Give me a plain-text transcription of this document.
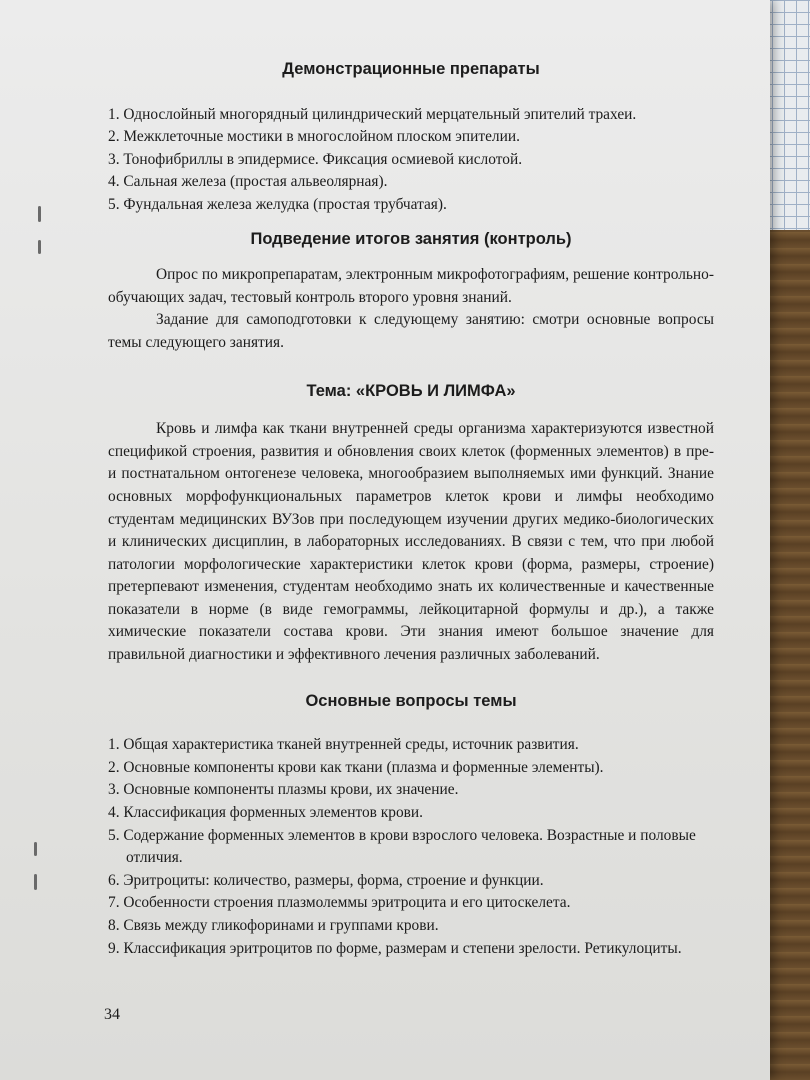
Демонстрационные препараты
1. Однослойный многорядный цилиндрический мерцательный эпителий трахеи.
2. Межклеточные мостики в многослойном плоском эпителии.
3. Тонофибриллы в эпидермисе. Фиксация осмиевой кислотой.
4. Сальная железа (простая альвеолярная).
5. Фундальная железа желудка (простая трубчатая).
Подведение итогов занятия (контроль)

Опрос по микропрепаратам, электронным микрофотографиям, решение контрольно-обучающих задач, тестовый контроль второго уровня знаний.

Задание для самоподготовки к следующему занятию: смотри основные вопросы темы следующего занятия.

Тема: «КРОВЬ И ЛИМФА»

Кровь и лимфа как ткани внутренней среды организма характеризуются известной спецификой строения, развития и обновления своих клеток (форменных элементов) в пре- и постнатальном онтогенезе человека, многообразием выполняемых ими функций. Знание основных морфофункциональных параметров клеток крови и лимфы необходимо студентам медицинских ВУЗов при последующем изучении других медико-биологических и клинических дисциплин, в лабораторных исследованиях. В связи с тем, что при любой патологии морфологические характеристики клеток крови (форма, размеры, строение) претерпевают изменения, студентам необходимо знать их количественные и качественные показатели в норме (в виде гемограммы, лейкоцитарной формулы и др.), а также химические показатели состава крови. Эти знания имеют большое значение для правильной диагностики и эффективного лечения различных заболеваний.

Основные вопросы темы
1. Общая характеристика тканей внутренней среды, источник развития.
2. Основные компоненты крови как ткани (плазма и форменные элементы).
3. Основные компоненты плазмы крови, их значение.
4. Классификация форменных элементов крови.
5. Содержание форменных элементов в крови взрослого человека. Возрастные и половые отличия.
6. Эритроциты: количество, размеры, форма, строение и функции.
7. Особенности строения плазмолеммы эритроцита и его цитоскелета.
8. Связь между гликофоринами и группами крови.
9. Классификация эритроцитов по форме, размерам и степени зрелости. Ретикулоциты.
34
